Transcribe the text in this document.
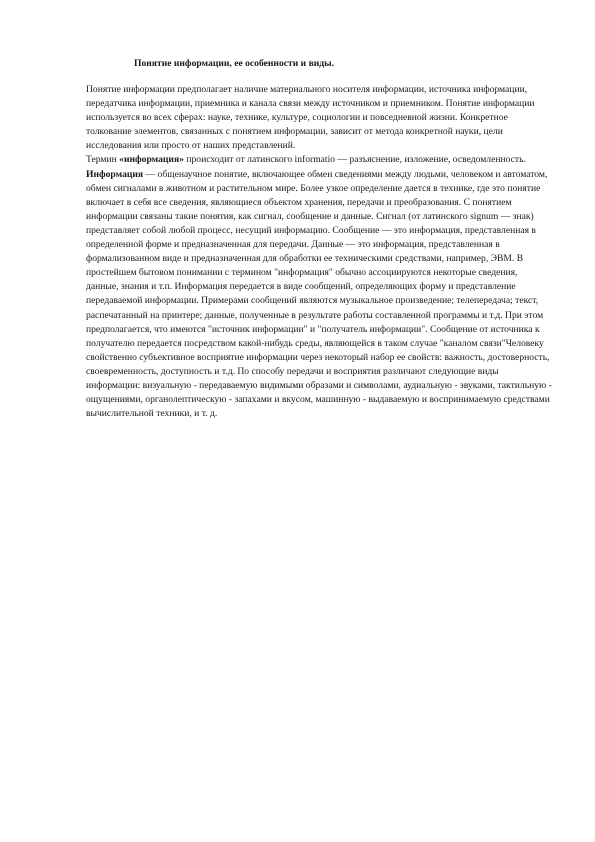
Понятие информации, ее особенности и виды.

Понятие информации предполагает наличие материального носителя информации, источника информации, передатчика информации, приемника и канала связи между источником и приемником. Понятие информации используется во всех сферах: науке, технике, культуре, социологии и повседневной жизни. Конкретное толкование элементов, связанных с понятием информации, зависит от метода конкретной науки, цели исследования или просто от наших представлений.

Термин «информация» происходит от латинского informatio — разъяснение, изложение, осведомленность.

Информация — общенаучное понятие, включающее обмен сведениями между людьми, человеком и автоматом, обмен сигналами в животном и растительном мире. Более узкое определение дается в технике, где это понятие включает в себя все сведения, являющиеся объектом хранения, передачи и преобразования. С понятием информации связаны такие понятия, как сигнал, сообщение и данные. Сигнал (от латинского signum — знак) представляет собой любой процесс, несущий информацию. Сообщение — это информация, представленная в определенной форме и предназначенная для передачи. Данные — это информация, представленная в формализованном виде и предназначенная для обработки ее техническими средствами, например, ЭВМ. В простейшем бытовом понимании с термином "информация" обычно ассоциируются некоторые сведения, данные, знания и т.п. Информация передается в виде сообщений, определяющих форму и представление передаваемой информации. Примерами сообщений являются музыкальное произведение; телепередача; текст, распечатанный на принтере; данные, полученные в результате работы составленной программы и т.д. При этом предполагается, что имеются "источник информации" и "получатель информации". Сообщение от источника к получателю передается посредством какой-нибудь среды, являющейся в таком случае "каналом связи"Человеку свойственно субъективное восприятие информации через некоторый набор ее свойств: важность, достоверность, своевременность, доступность и т.д. По способу передачи и восприятия различают следующие виды информации: визуальную - передаваемую видимыми образами и символами, аудиальную - звуками, тактильную - ощущениями, органолептическую - запахами и вкусом, машинную - выдаваемую и воспринимаемую средствами вычислительной техники, и т. д.
